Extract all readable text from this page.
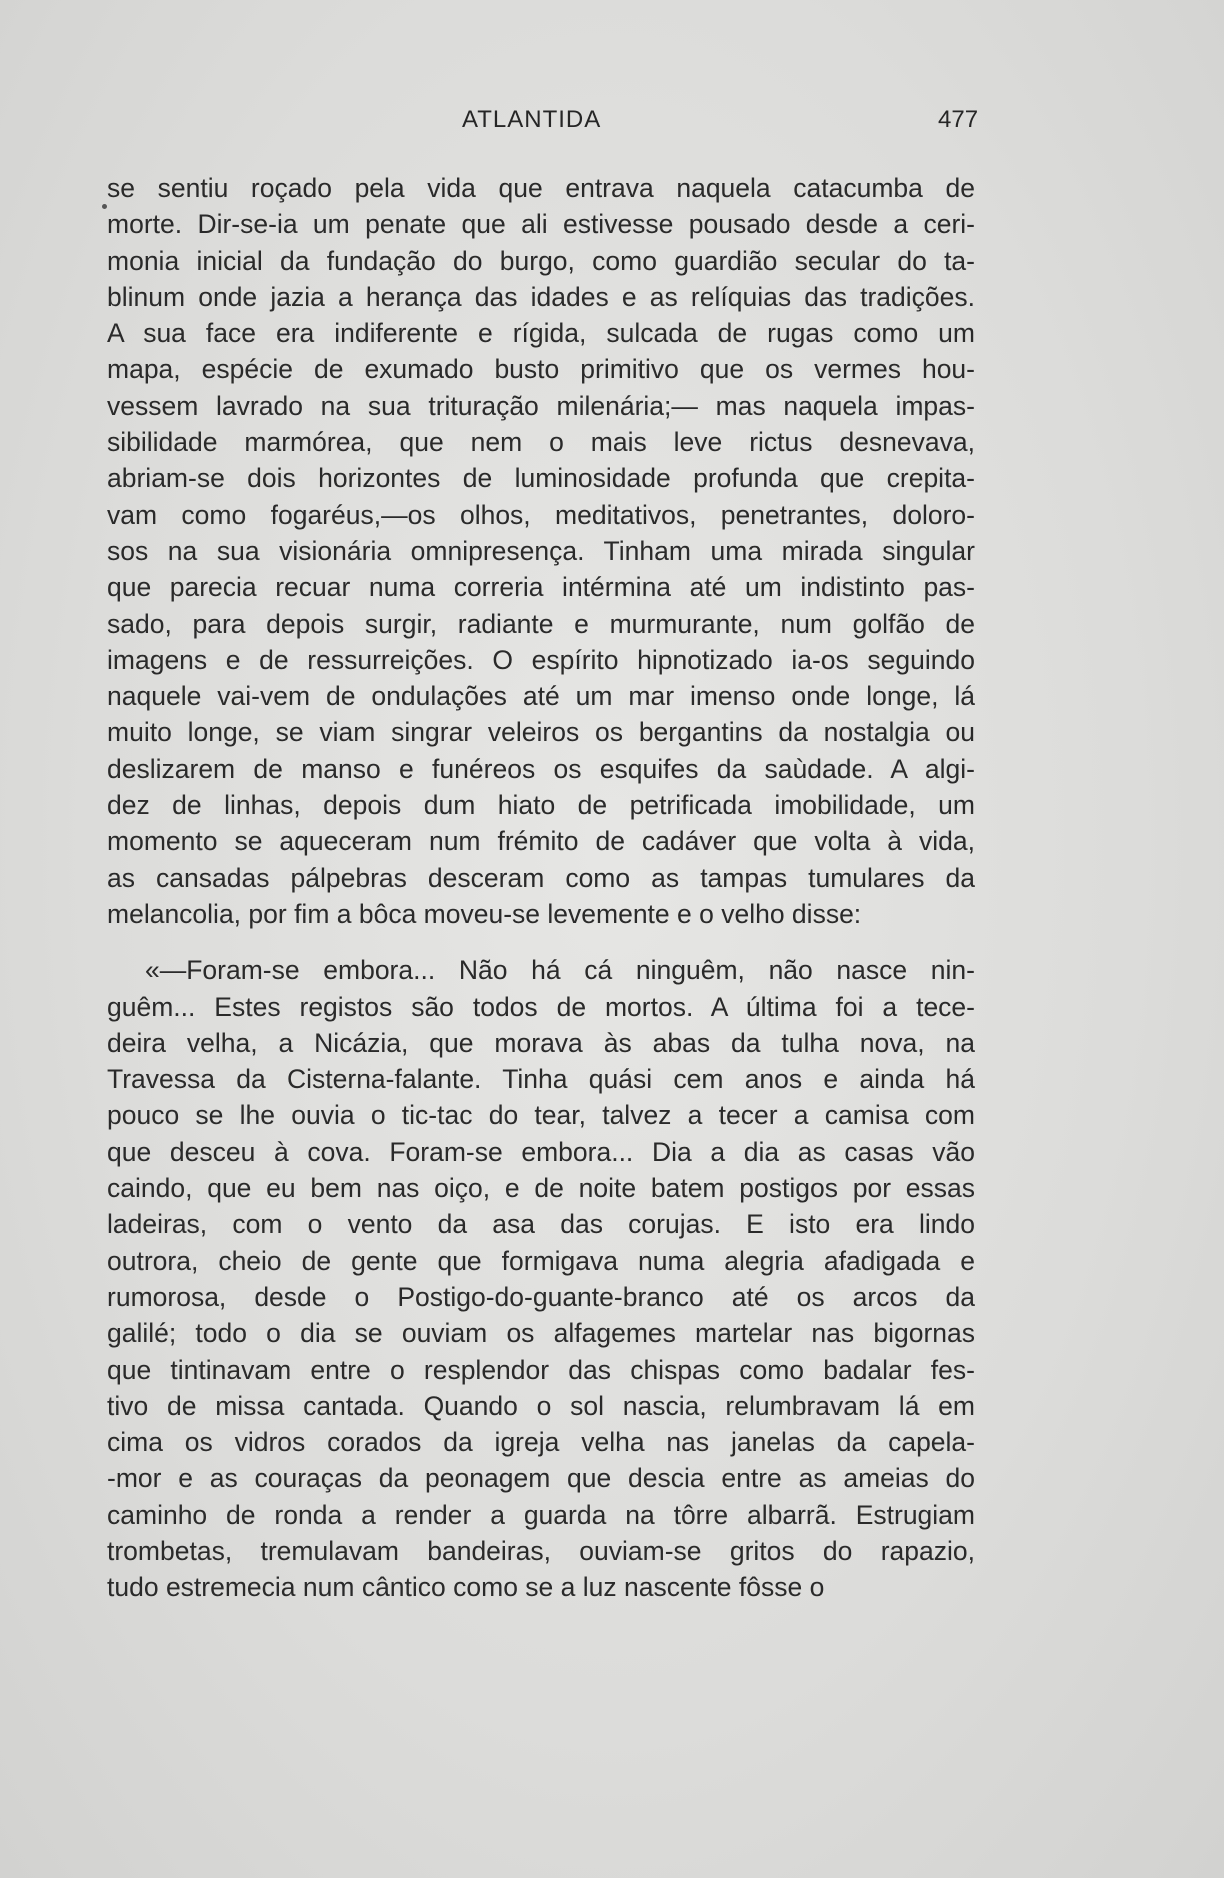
ATLANTIDA	477
se sentiu roçado pela vida que entrava naquela catacumba de
morte. Dir-se-ia um penate que ali estivesse pousado desde a ceri-
monia inicial da fundação do burgo, como guardião secular do ta-
blinum onde jazia a herança das idades e as relíquias das tradições.
A sua face era indiferente e rígida, sulcada de rugas como um
mapa, espécie de exumado busto primitivo que os vermes hou-
vessem lavrado na sua trituração milenária;— mas naquela impas-
sibilidade marmórea, que nem o mais leve rictus desnevava,
abriam-se dois horizontes de luminosidade profunda que crepita-
vam como fogaréus,—os olhos, meditativos, penetrantes, doloro-
sos na sua visionária omnipresença. Tinham uma mirada singular
que parecia recuar numa correria intérmina até um indistinto pas-
sado, para depois surgir, radiante e murmurante, num golfão de
imagens e de ressurreições. O espírito hipnotizado ia-os seguindo
naquele vai-vem de ondulações até um mar imenso onde longe, lá
muito longe, se viam singrar veleiros os bergantins da nostalgia ou
deslizarem de manso e funéreos os esquifes da saùdade. A algi-
dez de linhas, depois dum hiato de petrificada imobilidade, um
momento se aqueceram num frémito de cadáver que volta à vida,
as cansadas pálpebras desceram como as tampas tumulares da
melancolia, por fim a bôca moveu-se levemente e o velho disse:
«—Foram-se embora... Não há cá ninguêm, não nasce nin-
guêm... Estes registos são todos de mortos. A última foi a tece-
deira velha, a Nicázia, que morava às abas da tulha nova, na
Travessa da Cisterna-falante. Tinha quási cem anos e ainda há
pouco se lhe ouvia o tic-tac do tear, talvez a tecer a camisa com
que desceu à cova. Foram-se embora... Dia a dia as casas vão
caindo, que eu bem nas oiço, e de noite batem postigos por essas
ladeiras, com o vento da asa das corujas. E isto era lindo
outrora, cheio de gente que formigava numa alegria afadigada e
rumorosa, desde o Postigo-do-guante-branco até os arcos da
galilé; todo o dia se ouviam os alfagemes martelar nas bigornas
que tintinavam entre o resplendor das chispas como badalar fes-
tivo de missa cantada. Quando o sol nascia, relumbravam lá em
cima os vidros corados da igreja velha nas janelas da capela-
-mor e as couraças da peonagem que descia entre as ameias do
caminho de ronda a render a guarda na tôrre albarrã. Estrugiam
trombetas, tremulavam bandeiras, ouviam-se gritos do rapazio,
tudo estremecia num cântico como se a luz nascente fôsse o
